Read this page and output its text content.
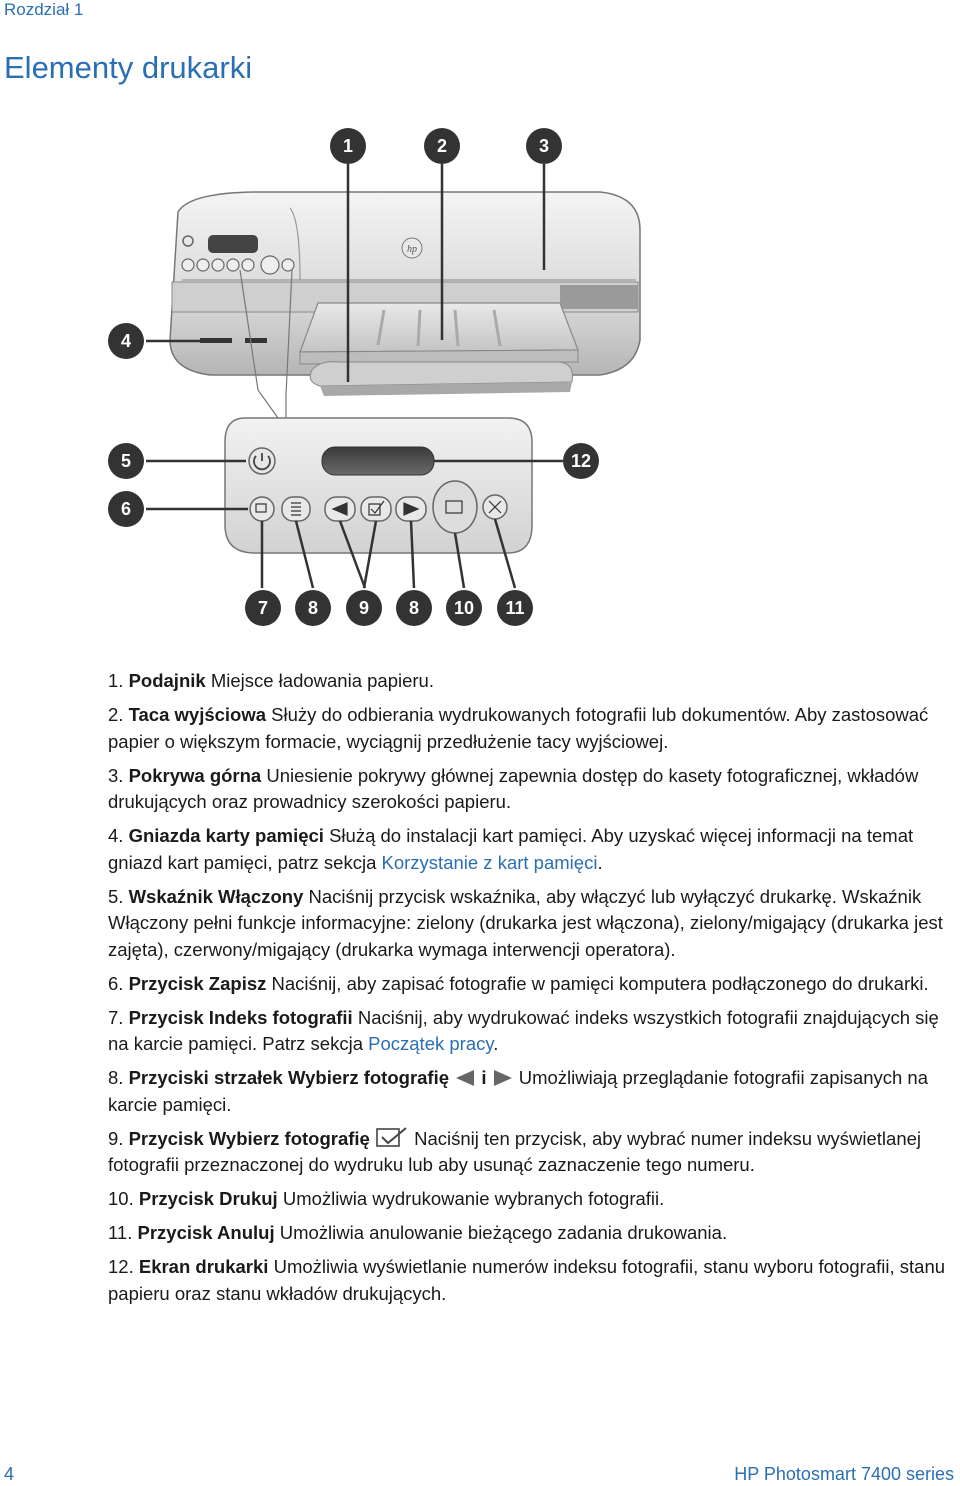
Rozdział 1
Elementy drukarki
hp
1	2	3
4
5
6
7 8 9 8 10 11
12

1. Podajnik Miejsce ładowania papieru.

2. Taca wyjściowa Służy do odbierania wydrukowanych fotografii lub dokumentów. Aby zastosować papier o większym formacie, wyciągnij przedłużenie tacy wyjściowej.

3. Pokrywa górna Uniesienie pokrywy głównej zapewnia dostęp do kasety fotograficznej, wkładów drukujących oraz prowadnicy szerokości papieru.

4. Gniazda karty pamięci Służą do instalacji kart pamięci. Aby uzyskać więcej informacji na temat gniazd kart pamięci, patrz sekcja Korzystanie z kart pamięci.

5. Wskaźnik Włączony Naciśnij przycisk wskaźnika, aby włączyć lub wyłączyć drukarkę. Wskaźnik Włączony pełni funkcje informacyjne: zielony (drukarka jest włączona), zielony/migający (drukarka jest zajęta), czerwony/migający (drukarka wymaga interwencji operatora).

6. Przycisk Zapisz Naciśnij, aby zapisać fotografie w pamięci komputera podłączonego do drukarki.

7. Przycisk Indeks fotografii Naciśnij, aby wydrukować indeks wszystkich fotografii znajdujących się na karcie pamięci. Patrz sekcja Początek pracy.

8. Przyciski strzałek Wybierz fotografię i  Umożliwiają przeglądanie fotografii zapisanych na karcie pamięci.

9. Przycisk Wybierz fotografię  Naciśnij ten przycisk, aby wybrać numer indeksu wyświetlanej fotografii przeznaczonej do wydruku lub aby usunąć zaznaczenie tego numeru.

10. Przycisk Drukuj Umożliwia wydrukowanie wybranych fotografii.

11. Przycisk Anuluj Umożliwia anulowanie bieżącego zadania drukowania.

12. Ekran drukarki Umożliwia wyświetlanie numerów indeksu fotografii, stanu wyboru fotografii, stanu papieru oraz stanu wkładów drukujących.

4	HP Photosmart 7400 series
